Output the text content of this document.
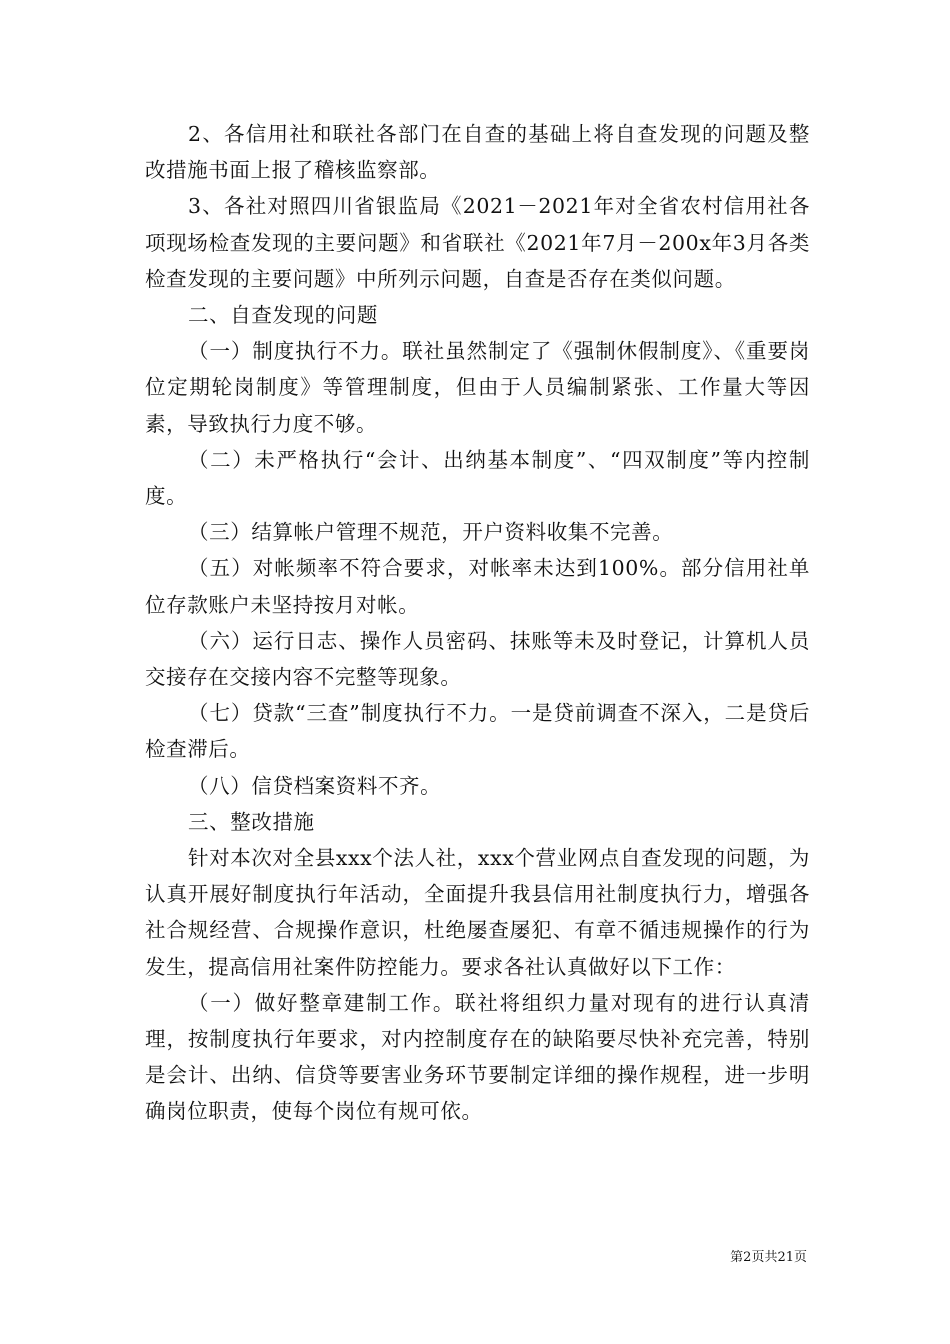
2、各信用社和联社各部门在自查的基础上将自查发现的问题及整改措施书面上报了稽核监察部。

3、各社对照四川省银监局《2021－2021年对全省农村信用社各项现场检查发现的主要问题》和省联社《2021年7月－200x年3月各类检查发现的主要问题》中所列示问题，自查是否存在类似问题。

二、自查发现的问题

（一）制度执行不力。联社虽然制定了《强制休假制度》、《重要岗位定期轮岗制度》等管理制度，但由于人员编制紧张、工作量大等因素，导致执行力度不够。

（二）未严格执行“会计、出纳基本制度”、“四双制度”等内控制度。

（三）结算帐户管理不规范，开户资料收集不完善。

（五）对帐频率不符合要求，对帐率未达到100%。部分信用社单位存款账户未坚持按月对帐。

（六）运行日志、操作人员密码、抹账等未及时登记，计算机人员交接存在交接内容不完整等现象。

（七）贷款“三查”制度执行不力。一是贷前调查不深入，二是贷后检查滞后。

（八）信贷档案资料不齐。

三、整改措施

针对本次对全县xxx个法人社，xxx个营业网点自查发现的问题，为认真开展好制度执行年活动，全面提升我县信用社制度执行力，增强各社合规经营、合规操作意识，杜绝屡查屡犯、有章不循违规操作的行为发生，提高信用社案件防控能力。要求各社认真做好以下工作：

（一）做好整章建制工作。联社将组织力量对现有的进行认真清理，按制度执行年要求，对内控制度存在的缺陷要尽快补充完善，特别是会计、出纳、信贷等要害业务环节要制定详细的操作规程，进一步明确岗位职责，使每个岗位有规可依。

第2页共21页
